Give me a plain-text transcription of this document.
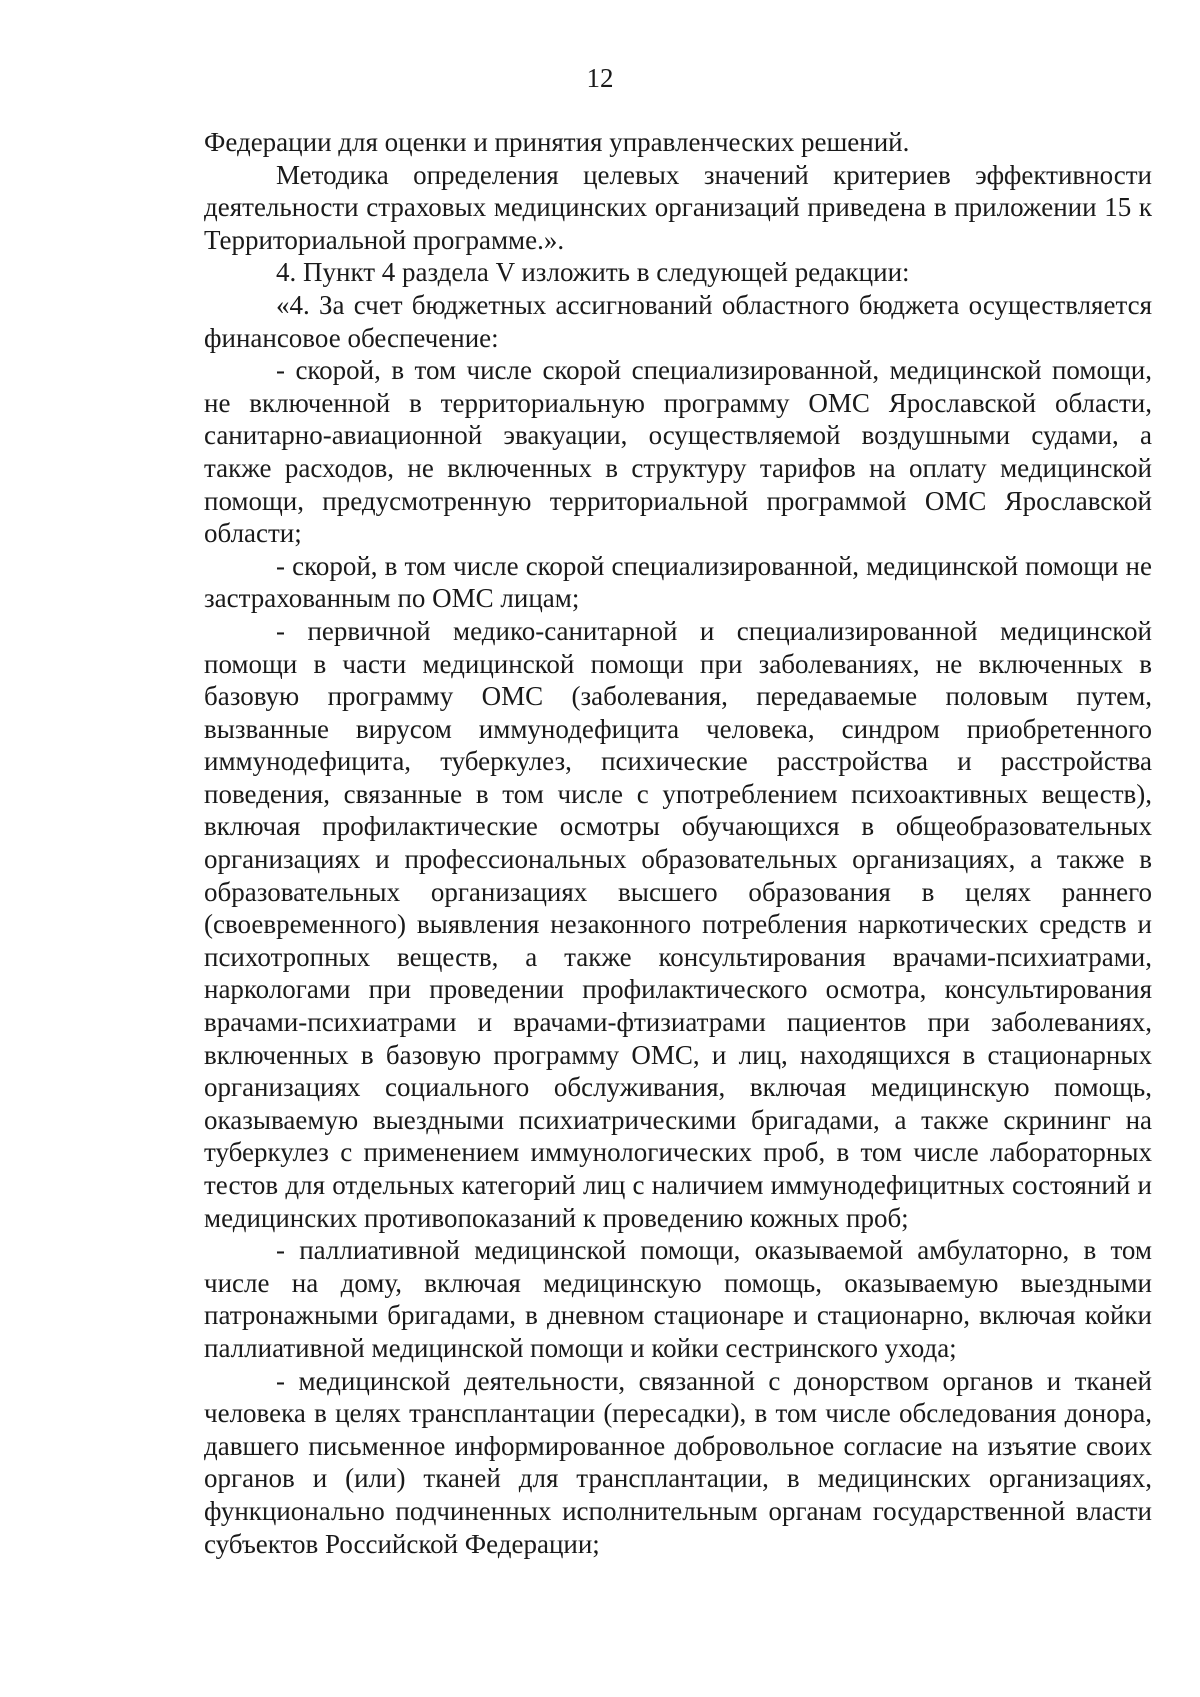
12

Федерации для оценки и принятия управленческих решений.

Методика определения целевых значений критериев эффективности деятельности страховых медицинских организаций приведена в приложении 15 к Территориальной программе.».

4. Пункт 4 раздела V изложить в следующей редакции:

«4. За счет бюджетных ассигнований областного бюджета осуществляется финансовое обеспечение:

- скорой, в том числе скорой специализированной, медицинской помощи, не включенной в территориальную программу ОМС Ярославской области, санитарно-авиационной эвакуации, осуществляемой воздушными судами, а также расходов, не включенных в структуру тарифов на оплату медицинской помощи, предусмотренную территориальной программой ОМС Ярославской области;

- скорой, в том числе скорой специализированной, медицинской помощи не застрахованным по ОМС лицам;

- первичной медико-санитарной и специализированной медицинской помощи в части медицинской помощи при заболеваниях, не включенных в базовую программу ОМС (заболевания, передаваемые половым путем, вызванные вирусом иммунодефицита человека, синдром приобретенного иммунодефицита, туберкулез, психические расстройства и расстройства поведения, связанные в том числе с употреблением психоактивных веществ), включая профилактические осмотры обучающихся в общеобразовательных организациях и профессиональных образовательных организациях, а также в образовательных организациях высшего образования в целях раннего (своевременного) выявления незаконного потребления наркотических средств и психотропных веществ, а также консультирования врачами-психиатрами, наркологами при проведении профилактического осмотра, консультирования врачами-психиатрами и врачами-фтизиатрами пациентов при заболеваниях, включенных в базовую программу ОМС, и лиц, находящихся в стационарных организациях социального обслуживания, включая медицинскую помощь, оказываемую выездными психиатрическими бригадами, а также скрининг на туберкулез с применением иммунологических проб, в том числе лабораторных тестов для отдельных категорий лиц с наличием иммунодефицитных состояний и медицинских противопоказаний к проведению кожных проб;

- паллиативной медицинской помощи, оказываемой амбулаторно, в том числе на дому, включая медицинскую помощь, оказываемую выездными патронажными бригадами, в дневном стационаре и стационарно, включая койки паллиативной медицинской помощи и койки сестринского ухода;

- медицинской деятельности, связанной с донорством органов и тканей человека в целях трансплантации (пересадки), в том числе обследования донора, давшего письменное информированное добровольное согласие на изъятие своих органов и (или) тканей для трансплантации, в медицинских организациях, функционально подчиненных исполнительным органам государственной власти субъектов Российской Федерации;
